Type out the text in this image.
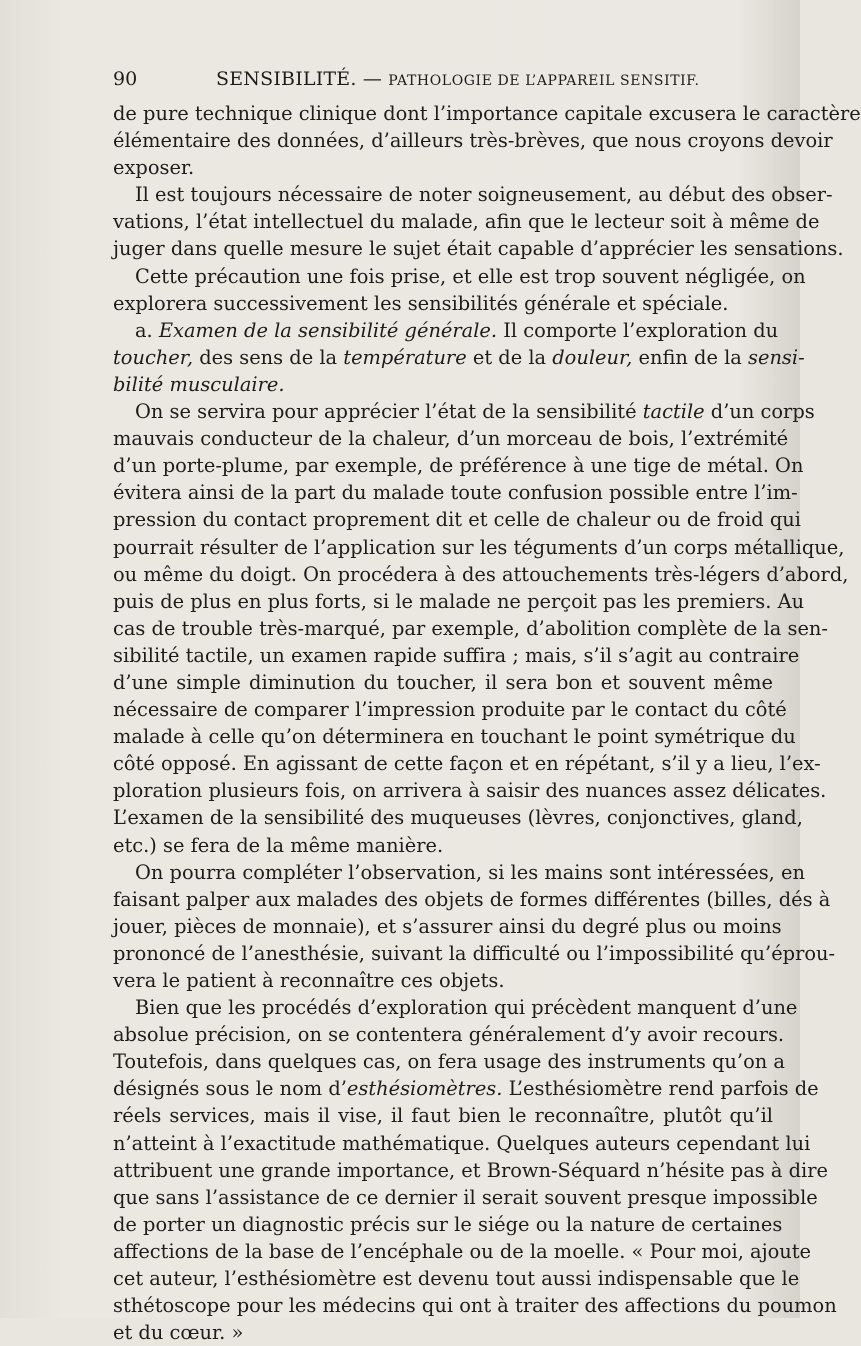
90	SENSIBILITÉ. — PATHOLOGIE DE L’APPAREIL SENSITIF.

de pure technique clinique dont l’importance capitale excusera le caractère
élémentaire des données, d’ailleurs très-brèves, que nous croyons devoir
exposer.

Il est toujours nécessaire de noter soigneusement, au début des obser-
vations, l’état intellectuel du malade, afin que le lecteur soit à même de
juger dans quelle mesure le sujet était capable d’apprécier les sensations.

Cette précaution une fois prise, et elle est trop souvent négligée, on
explorera successivement les sensibilités générale et spéciale.

a. Examen de la sensibilité générale. Il comporte l’exploration du
toucher, des sens de la température et de la douleur, enfin de la sensi-
bilité musculaire.

On se servira pour apprécier l’état de la sensibilité tactile d’un corps
mauvais conducteur de la chaleur, d’un morceau de bois, l’extrémité
d’un porte-plume, par exemple, de préférence à une tige de métal. On
évitera ainsi de la part du malade toute confusion possible entre l’im-
pression du contact proprement dit et celle de chaleur ou de froid qui
pourrait résulter de l’application sur les téguments d’un corps métallique,
ou même du doigt. On procédera à des attouchements très-légers d’abord,
puis de plus en plus forts, si le malade ne perçoit pas les premiers. Au
cas de trouble très-marqué, par exemple, d’abolition complète de la sen-
sibilité tactile, un examen rapide suffira ; mais, s’il s’agit au contraire
d’une simple diminution du toucher, il sera bon et souvent même
nécessaire de comparer l’impression produite par le contact du côté
malade à celle qu’on déterminera en touchant le point symétrique du
côté opposé. En agissant de cette façon et en répétant, s’il y a lieu, l’ex-
ploration plusieurs fois, on arrivera à saisir des nuances assez délicates.
L’examen de la sensibilité des muqueuses (lèvres, conjonctives, gland,
etc.) se fera de la même manière.

On pourra compléter l’observation, si les mains sont intéressées, en
faisant palper aux malades des objets de formes différentes (billes, dés à
jouer, pièces de monnaie), et s’assurer ainsi du degré plus ou moins
prononcé de l’anesthésie, suivant la difficulté ou l’impossibilité qu’éprou-
vera le patient à reconnaître ces objets.

Bien que les procédés d’exploration qui précèdent manquent d’une
absolue précision, on se contentera généralement d’y avoir recours.
Toutefois, dans quelques cas, on fera usage des instruments qu’on a
désignés sous le nom d’esthésiomètres. L’esthésiomètre rend parfois de
réels services, mais il vise, il faut bien le reconnaître, plutôt qu’il
n’atteint à l’exactitude mathématique. Quelques auteurs cependant lui
attribuent une grande importance, et Brown-Séquard n’hésite pas à dire
que sans l’assistance de ce dernier il serait souvent presque impossible
de porter un diagnostic précis sur le siége ou la nature de certaines
affections de la base de l’encéphale ou de la moelle. « Pour moi, ajoute
cet auteur, l’esthésiomètre est devenu tout aussi indispensable que le
sthétoscope pour les médecins qui ont à traiter des affections du poumon
et du cœur. »
